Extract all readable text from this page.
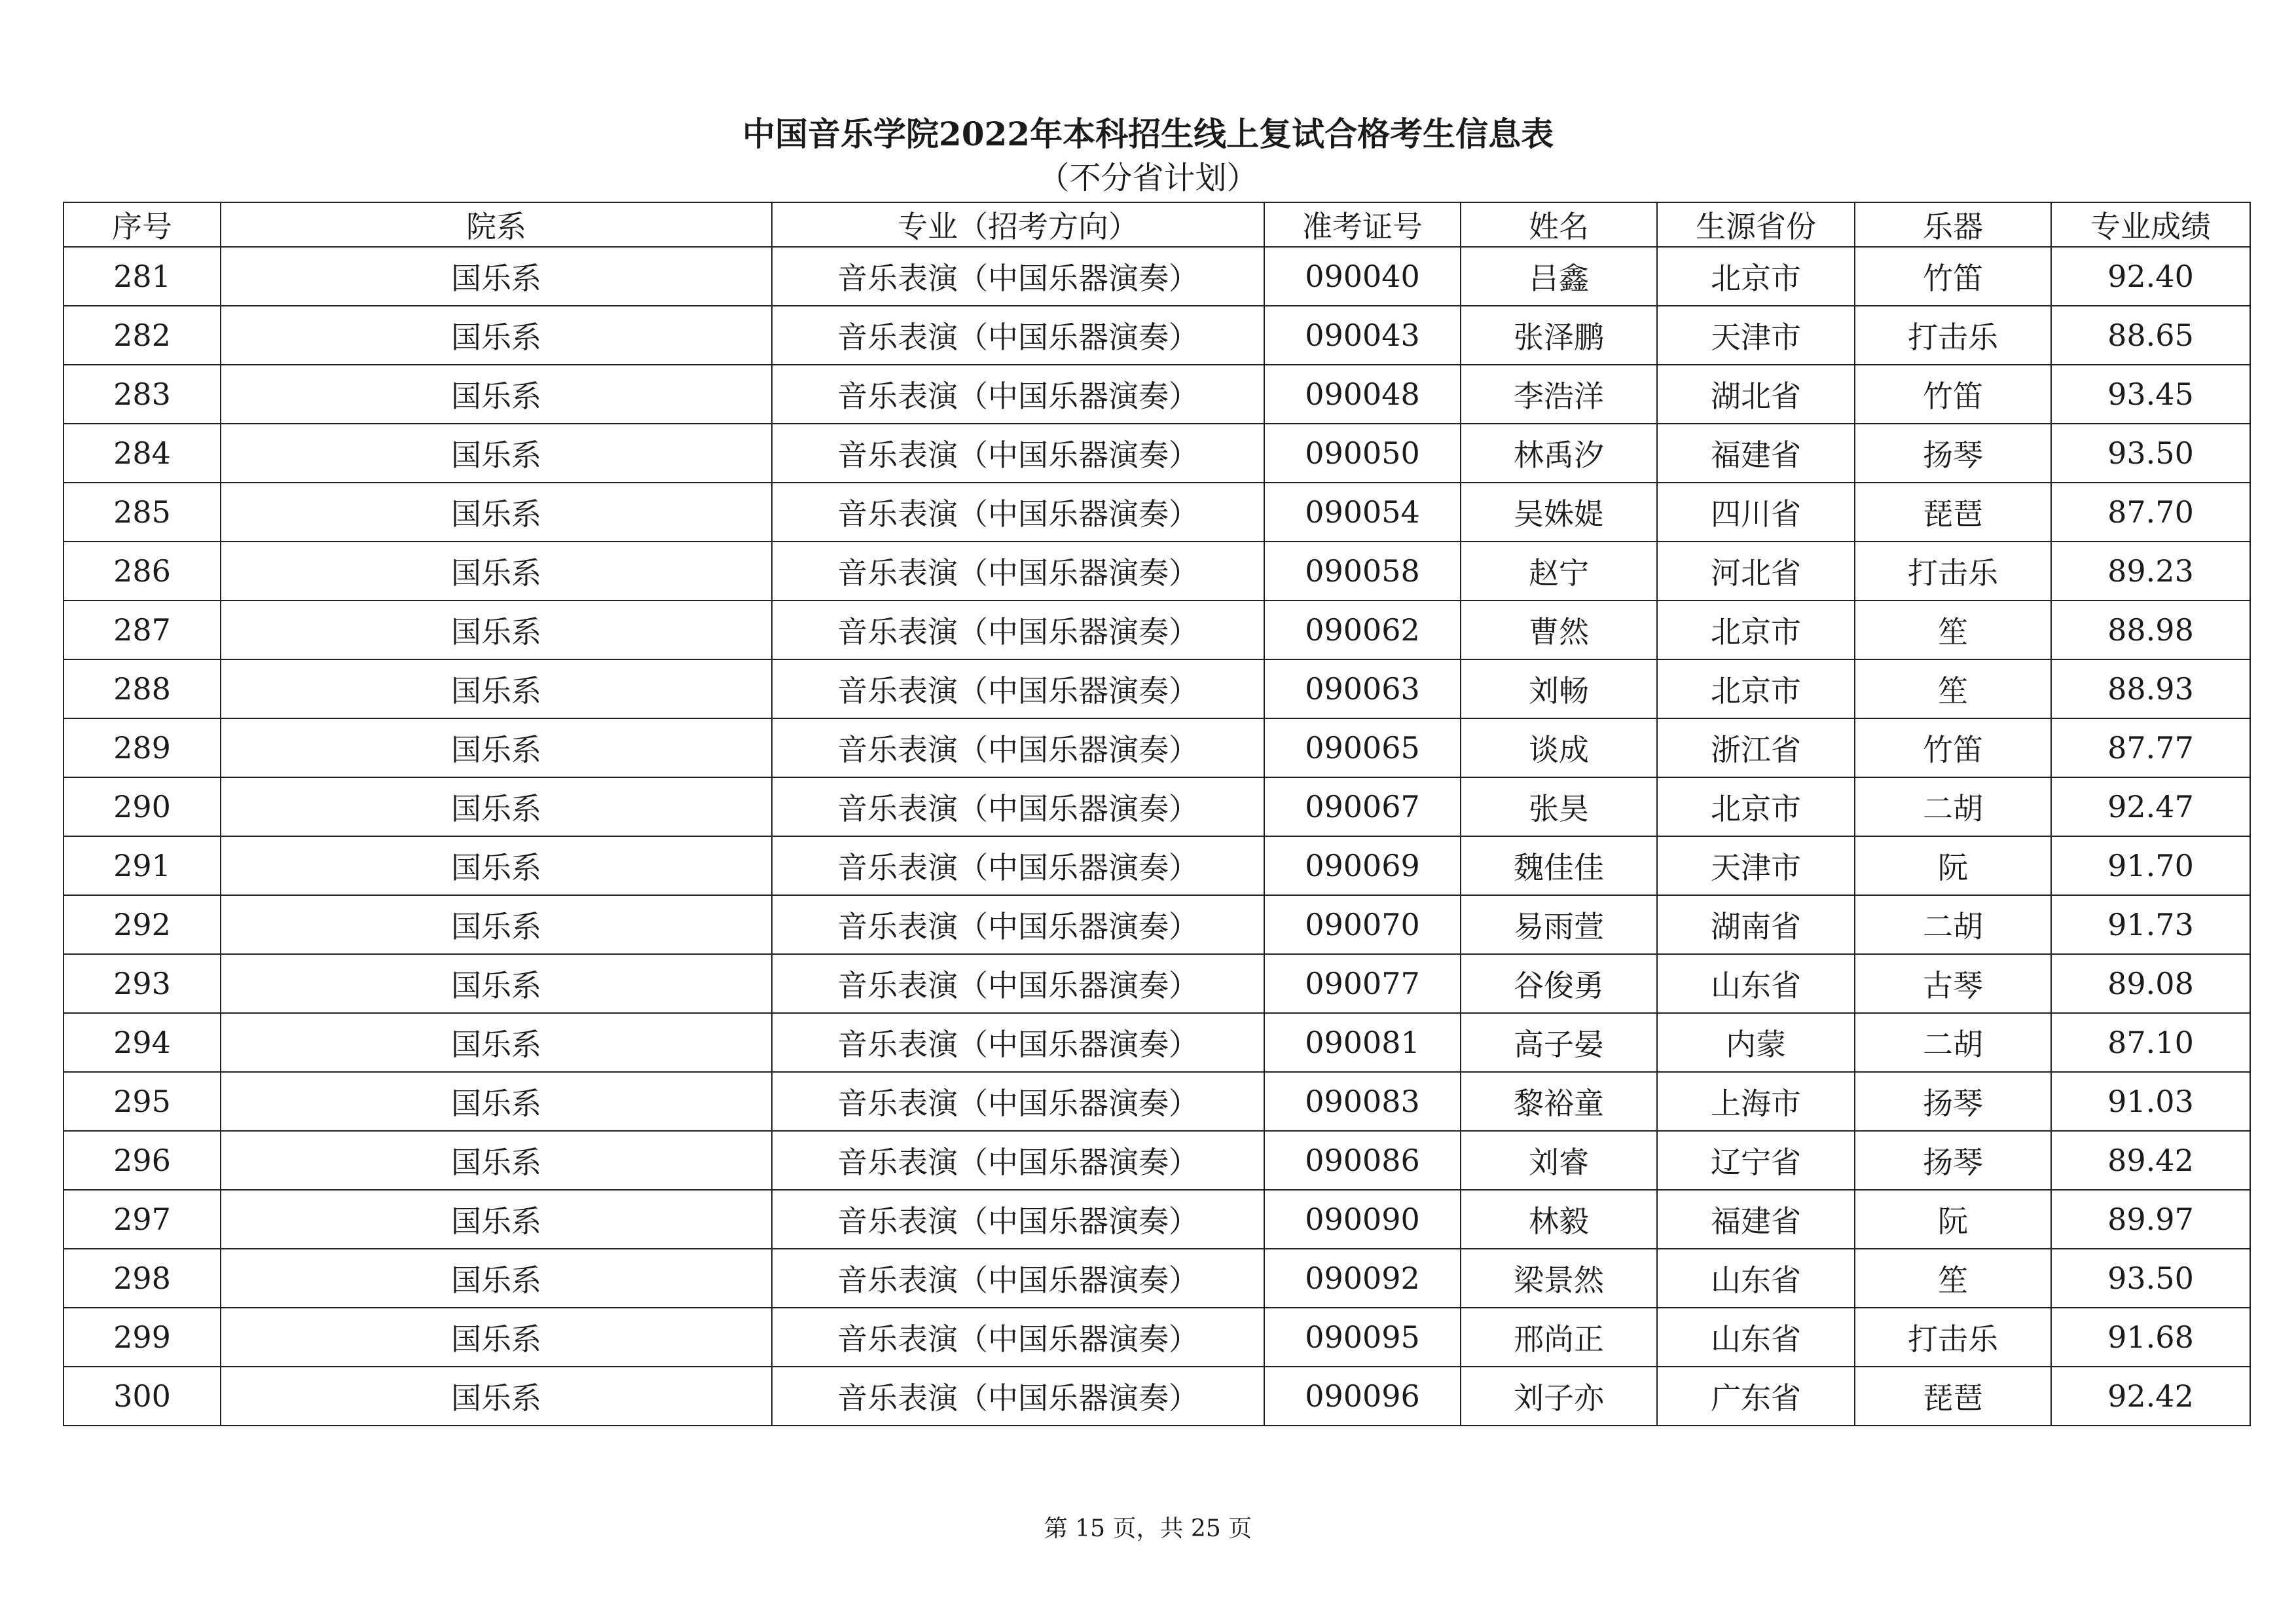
中国音乐学院2022年本科招生线上复试合格考生信息表
（不分省计划）
序号	院系	专业（招考方向）	准考证号	姓名	生源省份	乐器	专业成绩
281	国乐系	音乐表演（中国乐器演奏）	090040	吕鑫	北京市	竹笛	92.40
282	国乐系	音乐表演（中国乐器演奏）	090043	张泽鹏	天津市	打击乐	88.65
283	国乐系	音乐表演（中国乐器演奏）	090048	李浩洋	湖北省	竹笛	93.45
284	国乐系	音乐表演（中国乐器演奏）	090050	林禹汐	福建省	扬琴	93.50
285	国乐系	音乐表演（中国乐器演奏）	090054	吴姝媞	四川省	琵琶	87.70
286	国乐系	音乐表演（中国乐器演奏）	090058	赵宁	河北省	打击乐	89.23
287	国乐系	音乐表演（中国乐器演奏）	090062	曹然	北京市	笙	88.98
288	国乐系	音乐表演（中国乐器演奏）	090063	刘畅	北京市	笙	88.93
289	国乐系	音乐表演（中国乐器演奏）	090065	谈成	浙江省	竹笛	87.77
290	国乐系	音乐表演（中国乐器演奏）	090067	张昊	北京市	二胡	92.47
291	国乐系	音乐表演（中国乐器演奏）	090069	魏佳佳	天津市	阮	91.70
292	国乐系	音乐表演（中国乐器演奏）	090070	易雨萱	湖南省	二胡	91.73
293	国乐系	音乐表演（中国乐器演奏）	090077	谷俊勇	山东省	古琴	89.08
294	国乐系	音乐表演（中国乐器演奏）	090081	高子晏	内蒙	二胡	87.10
295	国乐系	音乐表演（中国乐器演奏）	090083	黎裕童	上海市	扬琴	91.03
296	国乐系	音乐表演（中国乐器演奏）	090086	刘睿	辽宁省	扬琴	89.42
297	国乐系	音乐表演（中国乐器演奏）	090090	林毅	福建省	阮	89.97
298	国乐系	音乐表演（中国乐器演奏）	090092	梁景然	山东省	笙	93.50
299	国乐系	音乐表演（中国乐器演奏）	090095	邢尚正	山东省	打击乐	91.68
300	国乐系	音乐表演（中国乐器演奏）	090096	刘子亦	广东省	琵琶	92.42
第 15 页，共 25 页
